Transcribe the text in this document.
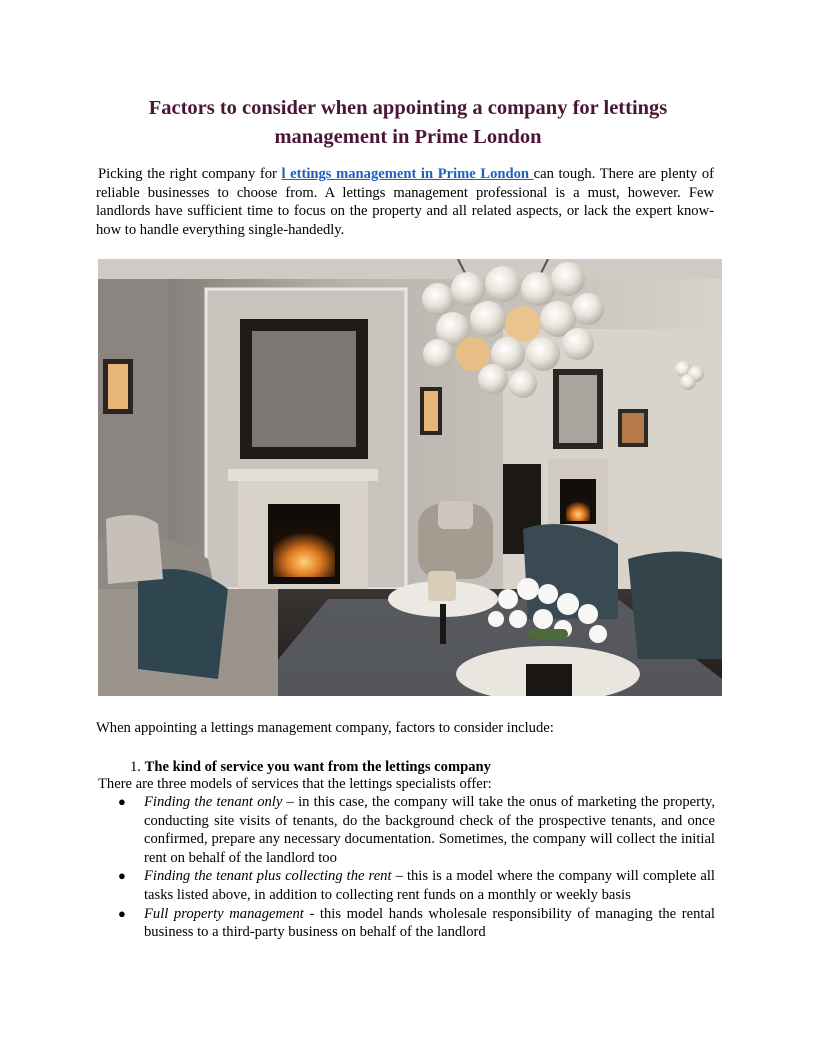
Factors to consider when appointing a company for lettings management in Prime London

Picking the right company for l ettings management in Prime London can tough. There are plenty of reliable businesses to choose from. A lettings management professional is a must, however. Few landlords have sufficient time to focus on the property and all related aspects, or lack the expert know-how to handle everything single-handedly.

When appointing a lettings management company, factors to consider include:

1. The kind of service you want from the lettings company

There are three models of services that the lettings specialists offer:

● Finding the tenant only – in this case, the company will take the onus of marketing the property, conducting site visits of tenants, do the background check of the prospective tenants, and once confirmed, prepare any necessary documentation. Sometimes, the company will collect the initial rent on behalf of the landlord too
● Finding the tenant plus collecting the rent – this is a model where the company will complete all tasks listed above, in addition to collecting rent funds on a monthly or weekly basis
● Full property management - this model hands wholesale responsibility of managing the rental business to a third-party business on behalf of the landlord
